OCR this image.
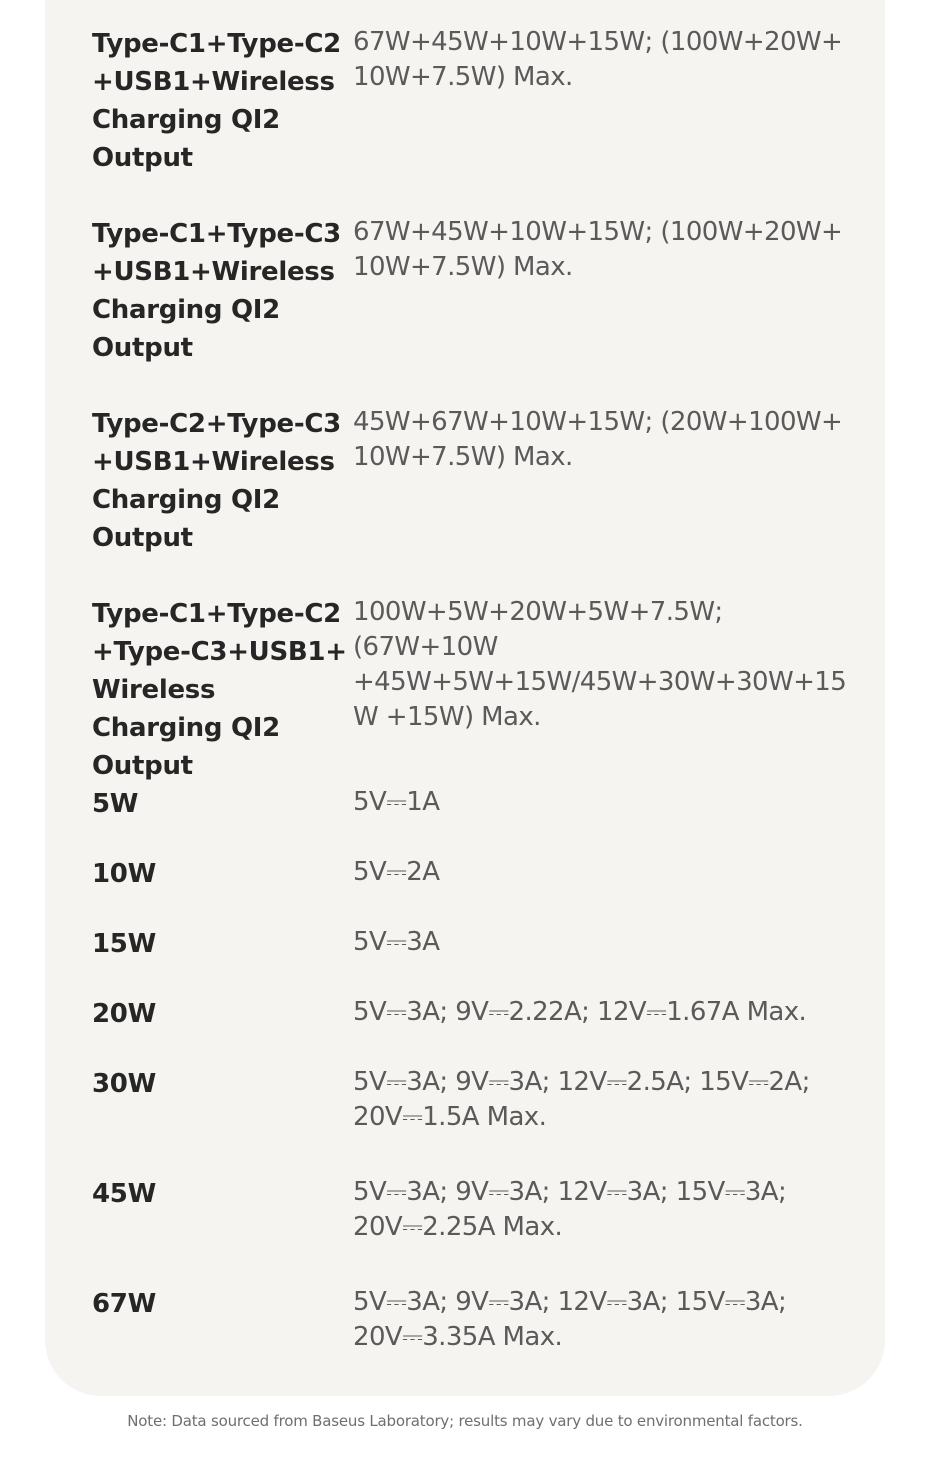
Type-C1+Type-C2 +USB1+Wireless Charging QI2 Output
67W+45W+10W+15W; (100W+20W+ 10W+7.5W) Max.
Type-C1+Type-C3 +USB1+Wireless Charging QI2 Output
67W+45W+10W+15W; (100W+20W+ 10W+7.5W) Max.
Type-C2+Type-C3 +USB1+Wireless Charging QI2 Output
45W+67W+10W+15W; (20W+100W+ 10W+7.5W) Max.
Type-C1+Type-C2 +Type-C3+USB1+ Wireless Charging QI2 Output
100W+5W+20W+5W+7.5W; (67W+10W +45W+5W+15W/45W+30W+30W+15W +15W) Max.
5W	5V⎓1A
10W	5V⎓2A
15W	5V⎓3A
20W	5V⎓3A; 9V⎓2.22A; 12V⎓1.67A Max.
30W	5V⎓3A; 9V⎓3A; 12V⎓2.5A; 15V⎓2A; 20V⎓1.5A Max.
45W	5V⎓3A; 9V⎓3A; 12V⎓3A; 15V⎓3A; 20V⎓2.25A Max.
67W	5V⎓3A; 9V⎓3A; 12V⎓3A; 15V⎓3A; 20V⎓3.35A Max.
Note: Data sourced from Baseus Laboratory; results may vary due to environmental factors.
